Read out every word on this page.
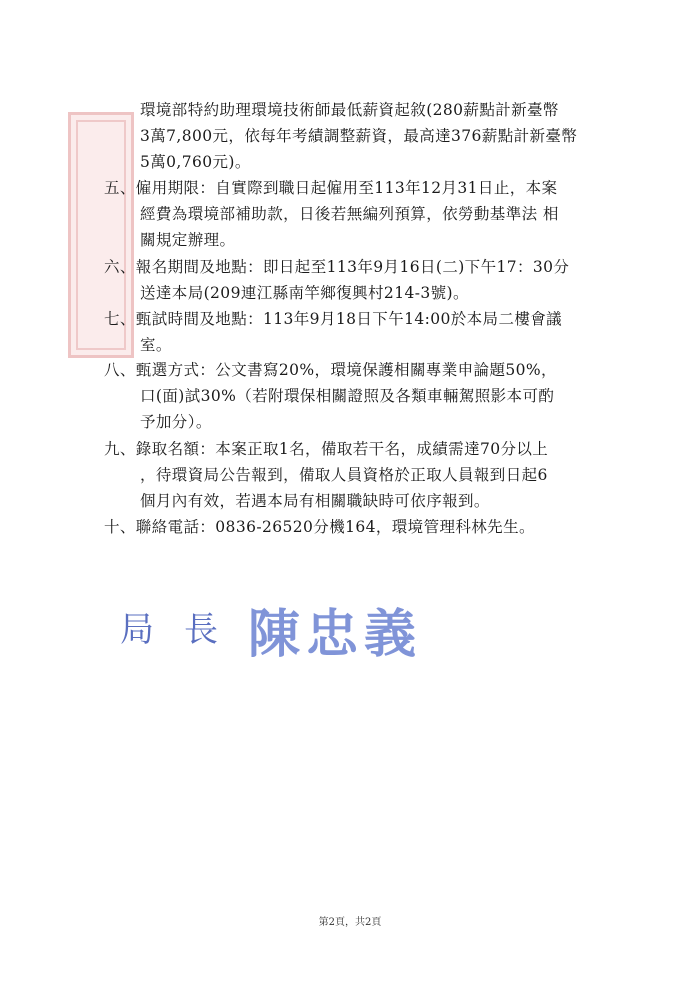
環境部特約助理環境技術師最低薪資起敘(280薪點計新臺幣
3萬7,800元，依每年考績調整薪資，最高達376薪點計新臺幣
5萬0,760元)。
五、僱用期限：自實際到職日起僱用至113年12月31日止，本案
經費為環境部補助款，日後若無編列預算，依勞動基準法 相
關規定辦理。
六、報名期間及地點：即日起至113年9月16日(二)下午17：30分
送達本局(209連江縣南竿鄉復興村214-3號)。
七、甄試時間及地點：113年9月18日下午14:00於本局二樓會議
室。
八、甄選方式：公文書寫20%，環境保護相關專業申論題50%，
口(面)試30%（若附環保相關證照及各類車輛駕照影本可酌
予加分）。
九、錄取名額：本案正取1名，備取若干名，成績需達70分以上
，待環資局公告報到，備取人員資格於正取人員報到日起6
個月內有效，若遇本局有相關職缺時可依序報到。
十、聯絡電話：0836-26520分機164，環境管理科林先生。
局長 陳忠義
第2頁，共2頁
